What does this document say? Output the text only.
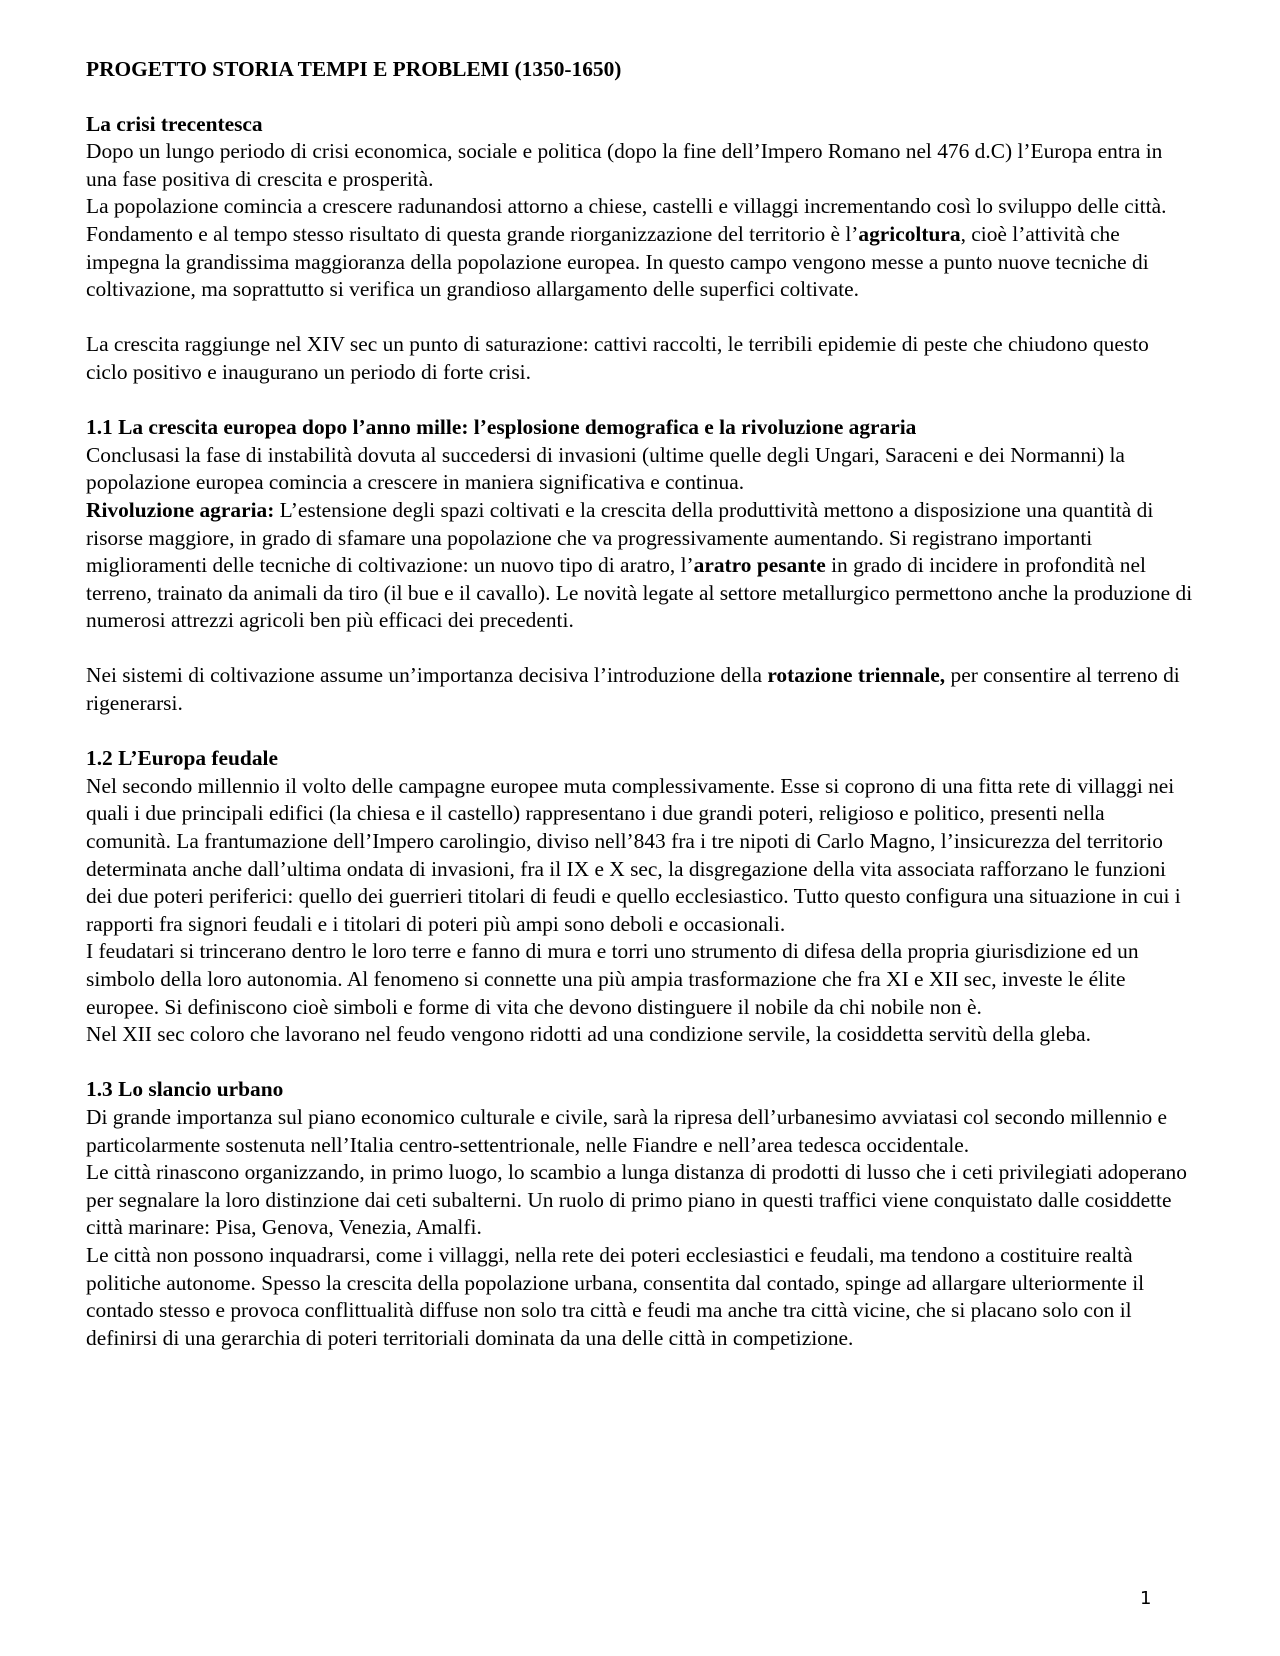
PROGETTO STORIA TEMPI E PROBLEMI (1350-1650)

La crisi trecentesca

Dopo un lungo periodo di crisi economica, sociale e politica (dopo la fine dell’Impero Romano nel 476 d.C) l’Europa entra in una fase positiva di crescita e prosperità.

La popolazione comincia a crescere radunandosi attorno a chiese, castelli e villaggi incrementando così lo sviluppo delle città.

Fondamento e al tempo stesso risultato di questa grande riorganizzazione del territorio è l’agricoltura, cioè l’attività che impegna la grandissima maggioranza della popolazione europea. In questo campo vengono messe a punto nuove tecniche di coltivazione, ma soprattutto si verifica un grandioso allargamento delle superfici coltivate.

La crescita raggiunge nel XIV sec un punto di saturazione: cattivi raccolti, le terribili epidemie di peste che chiudono questo ciclo positivo e inaugurano un periodo di forte crisi.

1.1 La crescita europea dopo l’anno mille: l’esplosione demografica e la rivoluzione agraria

Conclusasi la fase di instabilità dovuta al succedersi di invasioni (ultime quelle degli Ungari, Saraceni e dei Normanni) la popolazione europea comincia a crescere in maniera significativa e continua.

Rivoluzione agraria: L’estensione degli spazi coltivati e la crescita della produttività mettono a disposizione una quantità di risorse maggiore, in grado di sfamare una popolazione che va progressivamente aumentando. Si registrano importanti miglioramenti delle tecniche di coltivazione: un nuovo tipo di aratro, l’aratro pesante in grado di incidere in profondità nel terreno, trainato da animali da tiro (il bue e il cavallo). Le novità legate al settore metallurgico permettono anche la produzione di numerosi attrezzi agricoli ben più efficaci dei precedenti.

Nei sistemi di coltivazione assume un’importanza decisiva l’introduzione della rotazione triennale, per consentire al terreno di rigenerarsi.

1.2 L’Europa feudale

Nel secondo millennio il volto delle campagne europee muta complessivamente. Esse si coprono di una fitta rete di villaggi nei quali i due principali edifici (la chiesa e il castello) rappresentano i due grandi poteri, religioso e politico, presenti nella comunità. La frantumazione dell’Impero carolingio, diviso nell’843 fra i tre nipoti di Carlo Magno, l’insicurezza del territorio determinata anche dall’ultima ondata di invasioni, fra il IX e X sec, la disgregazione della vita associata rafforzano le funzioni dei due poteri periferici: quello dei guerrieri titolari di feudi e quello ecclesiastico. Tutto questo configura una situazione in cui i rapporti fra signori feudali e i titolari di poteri più ampi sono deboli e occasionali.

I feudatari si trincerano dentro le loro terre e fanno di mura e torri uno strumento di difesa della propria giurisdizione ed un simbolo della loro autonomia. Al fenomeno si connette una più ampia trasformazione che fra XI e XII sec, investe le élite europee. Si definiscono cioè simboli e forme di vita che devono distinguere il nobile da chi nobile non è.

Nel XII sec coloro che lavorano nel feudo vengono ridotti ad una condizione servile, la cosiddetta servitù della gleba.

1.3 Lo slancio urbano

Di grande importanza sul piano economico culturale e civile, sarà la ripresa dell’urbanesimo avviatasi col secondo millennio e particolarmente sostenuta nell’Italia centro-settentrionale, nelle Fiandre e nell’area tedesca occidentale.

Le città rinascono organizzando, in primo luogo, lo scambio a lunga distanza di prodotti di lusso che i ceti privilegiati adoperano per segnalare la loro distinzione dai ceti subalterni. Un ruolo di primo piano in questi traffici viene conquistato dalle cosiddette città marinare: Pisa, Genova, Venezia, Amalfi.

Le città non possono inquadrarsi, come i villaggi, nella rete dei poteri ecclesiastici e feudali, ma tendono a costituire realtà politiche autonome. Spesso la crescita della popolazione urbana, consentita dal contado, spinge ad allargare ulteriormente il contado stesso e provoca conflittualità diffuse non solo tra città e feudi ma anche tra città vicine, che si placano solo con il definirsi di una gerarchia di poteri territoriali dominata da una delle città in competizione.

1
